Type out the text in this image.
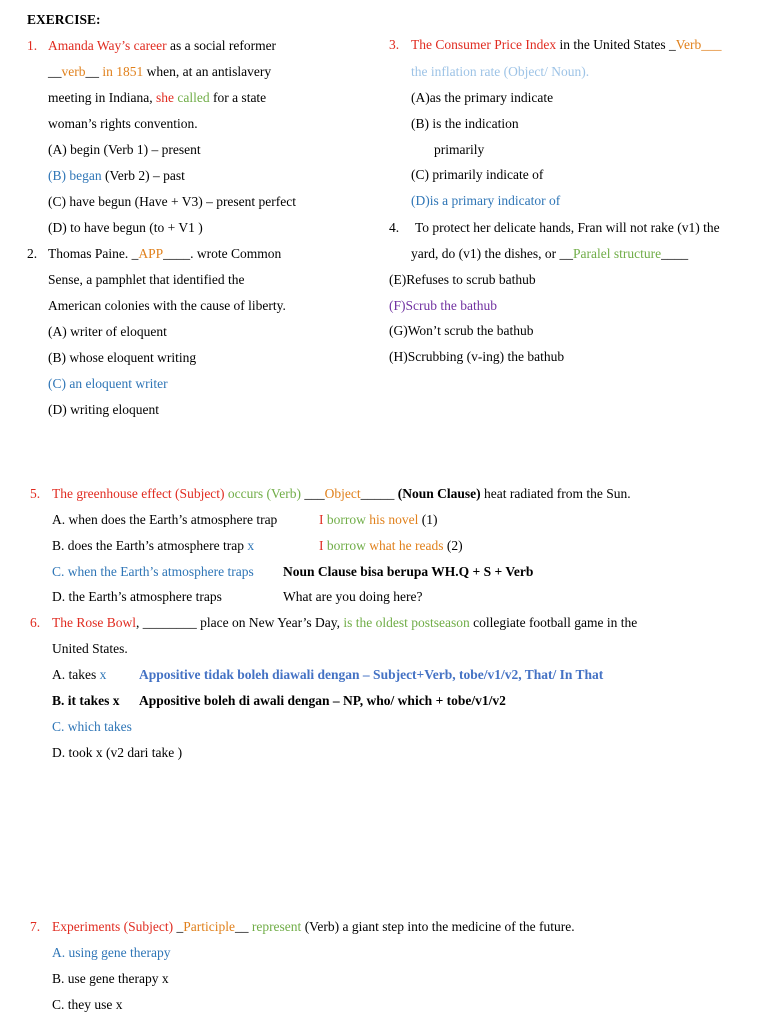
EXERCISE:
1. Amanda Way’s career as a social reformer
__verb__ in 1851 when, at an antislavery
meeting in Indiana, she called for a state
woman’s rights convention.
(A) begin (Verb 1) – present
(B) began (Verb 2) – past
(C) have begun (Have + V3) – present perfect
(D) to have begun (to + V1 )
2. Thomas Paine. _APP____. wrote Common
Sense, a pamphlet that identified the
American colonies with the cause of liberty.
(A) writer of eloquent
(B) whose eloquent writing
(C) an eloquent writer
(D) writing eloquent
3. The Consumer Price Index in the United States _Verb___
the inflation rate (Object/ Noun).
(A)as the primary indicate
(B) is the indication
primarily
(C) primarily indicate of
(D)is a primary indicator of
4. To protect her delicate hands, Fran will not rake (v1) the
yard, do (v1) the dishes, or __Paralel structure____
(E)Refuses to scrub bathub
(F)Scrub the bathub
(G)Won’t scrub the bathub
(H)Scrubbing (v-ing) the bathub
5. The greenhouse effect (Subject) occurs (Verb) ___Object_____ (Noun Clause) heat radiated from the Sun.
A. when does the Earth’s atmosphere trap	I borrow his novel (1)
B. does the Earth’s atmosphere trap x	I borrow what he reads (2)
C. when the Earth’s atmosphere traps Noun Clause bisa berupa WH.Q + S + Verb
D. the Earth’s atmosphere traps	What are you doing here?
6. The Rose Bowl, ________ place on New Year’s Day, is the oldest postseason collegiate football game in the
United States.
A. takes x Appositive tidak boleh diawali dengan – Subject+Verb, tobe/v1/v2, That/ In That
B. it takes x Appositive boleh di awali dengan – NP, who/ which + tobe/v1/v2
C. which takes
D. took x (v2 dari take )
7. Experiments (Subject) _Participle__ represent (Verb) a giant step into the medicine of the future.
A. using gene therapy
B. use gene therapy x
C. they use x
